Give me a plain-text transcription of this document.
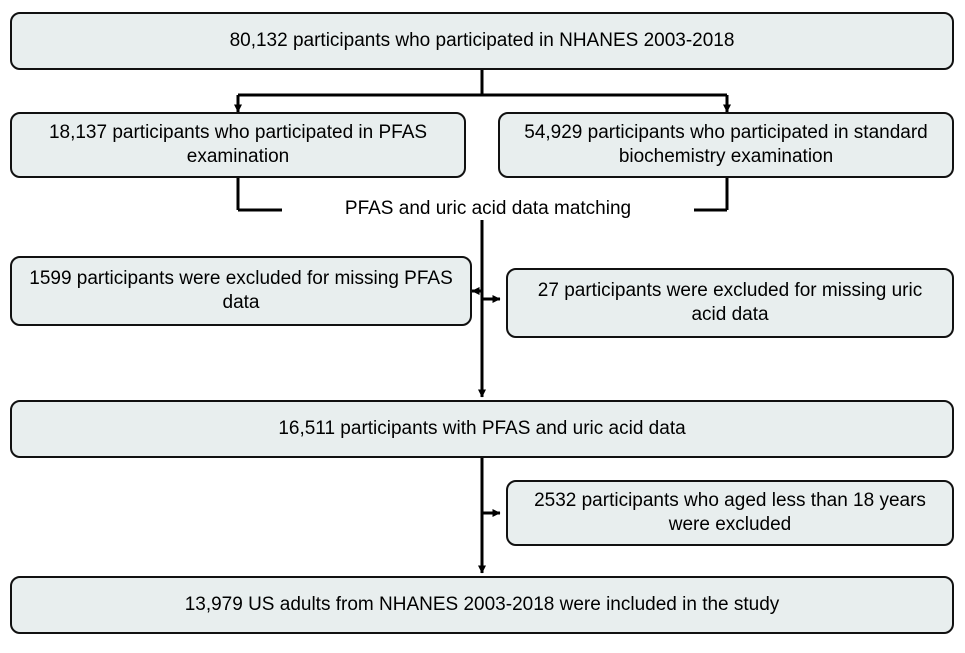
80,132 participants who participated in NHANES 2003-2018
18,137 participants who participated in PFAS examination
54,929 participants who participated in standard biochemistry examination
PFAS and uric acid data matching
1599 participants were excluded for missing PFAS data
27 participants were excluded for missing uric acid data
16,511 participants with PFAS and uric acid data
2532 participants who aged less than 18 years were excluded
13,979 US adults from NHANES 2003-2018 were included in the study
